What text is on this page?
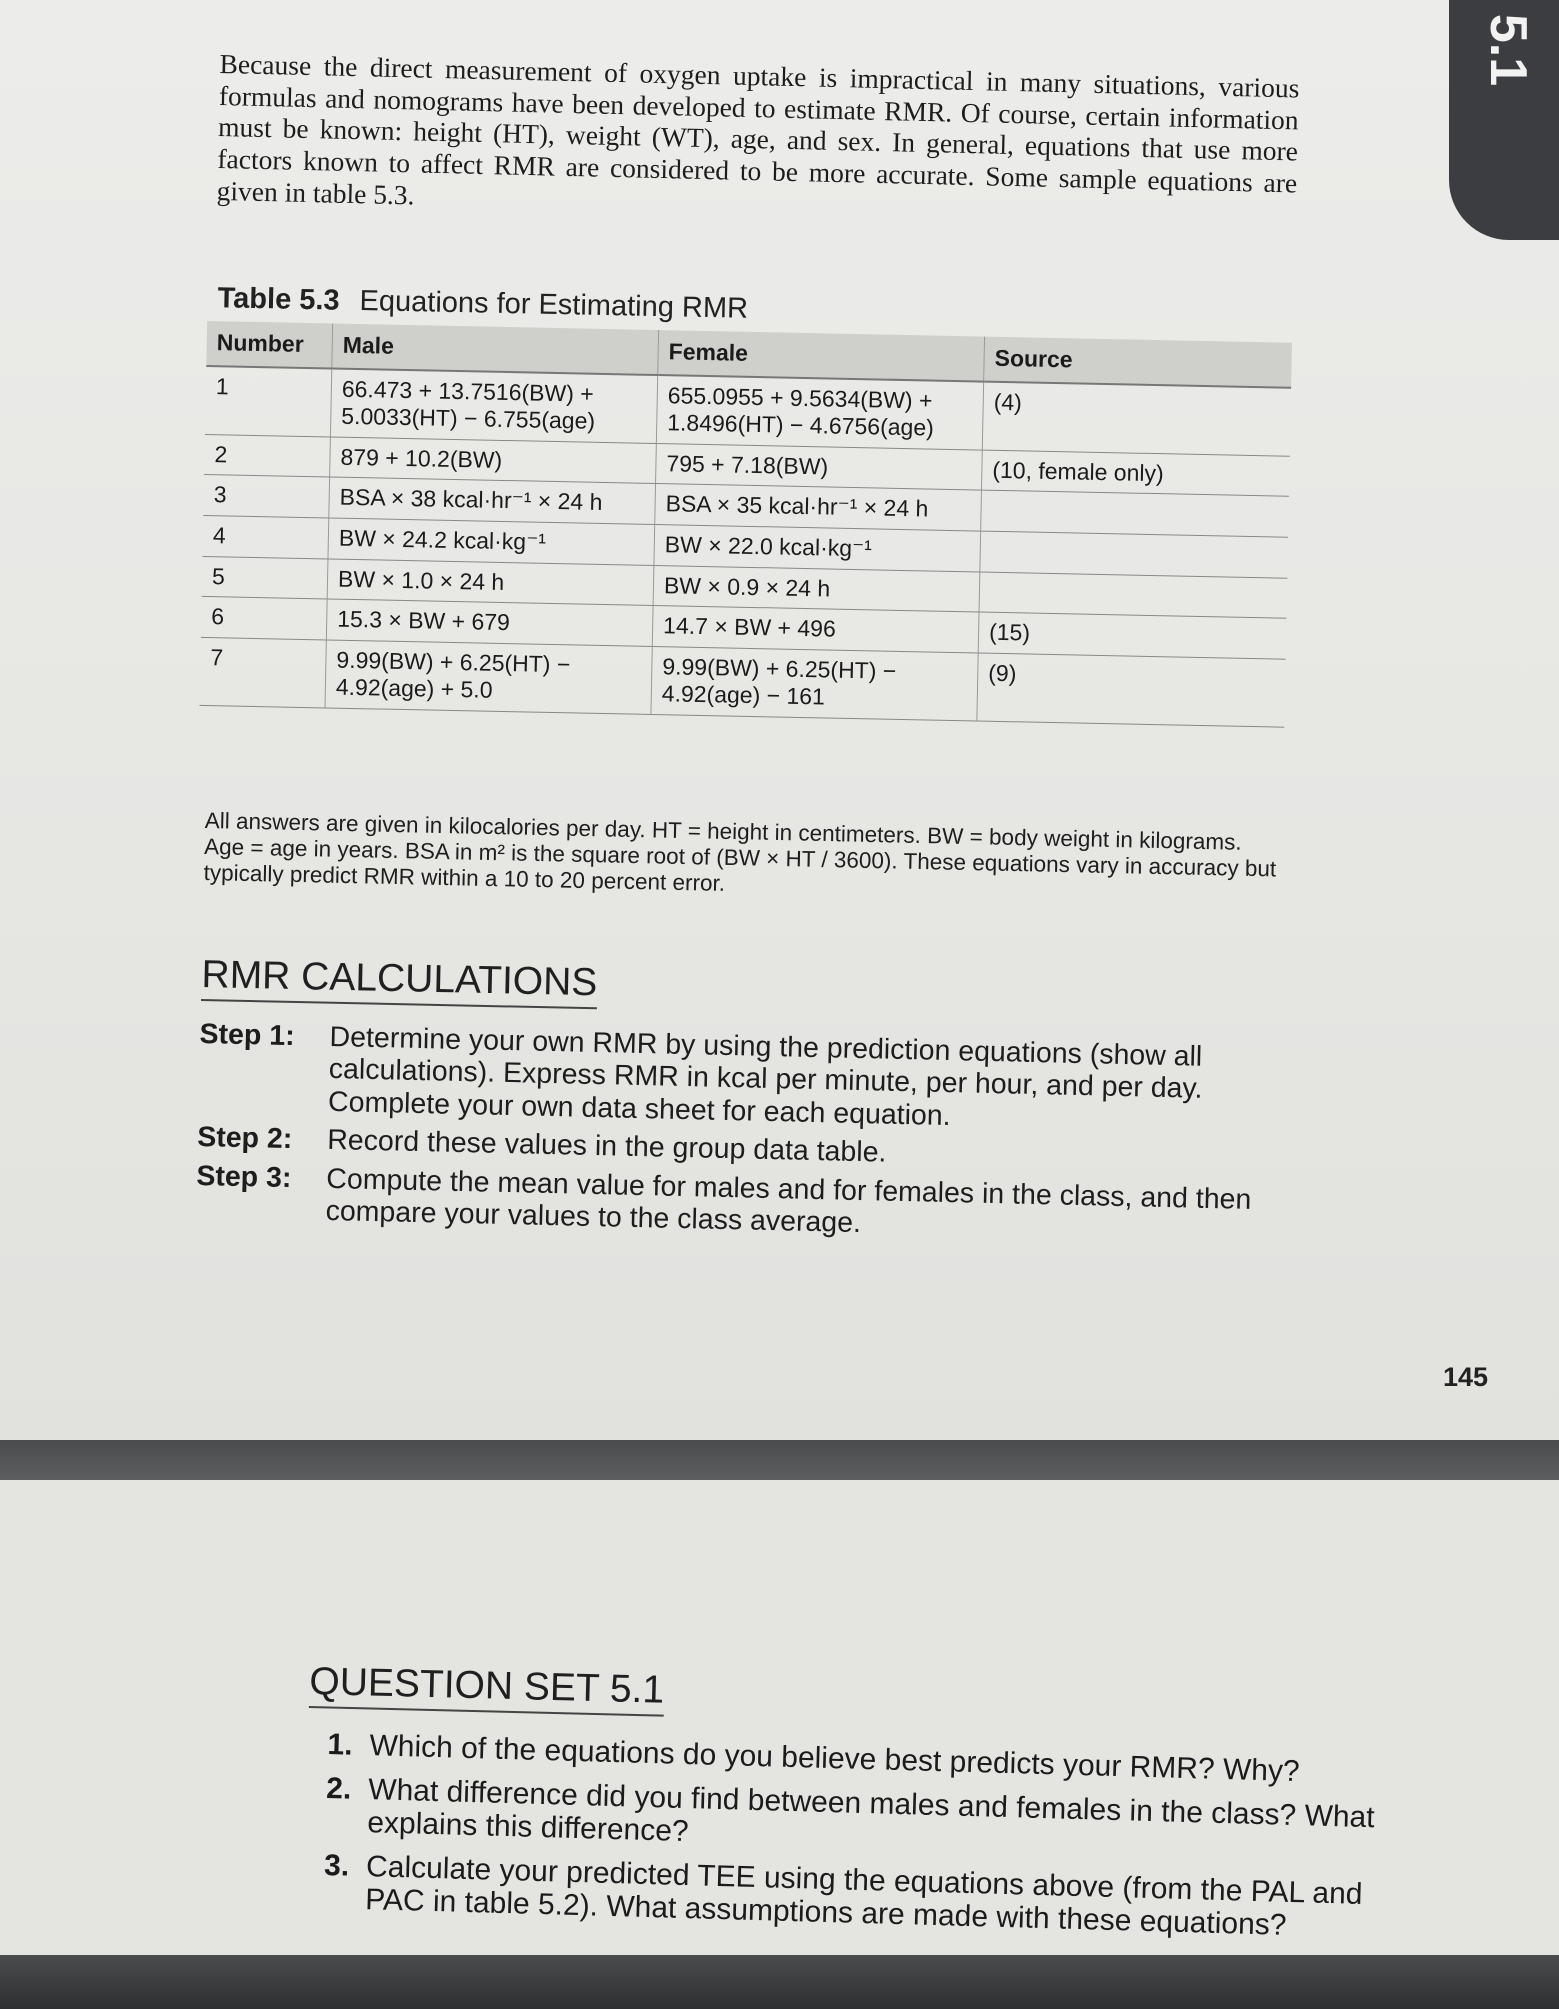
5.1
Because the direct measurement of oxygen uptake is impractical in many situations, various formulas and nomograms have been developed to estimate RMR. Of course, certain information must be known: height (HT), weight (WT), age, and sex. In general, equations that use more factors known to affect RMR are considered to be more accurate. Some sample equations are given in table 5.3.
Table 5.3 Equations for Estimating RMR
Number	Male	Female	Source
1	66.473 + 13.7516(BW) + 5.0033(HT) − 6.755(age)	655.0955 + 9.5634(BW) + 1.8496(HT) − 4.6756(age)	(4)
2	879 + 10.2(BW)	795 + 7.18(BW)	(10, female only)
3	BSA × 38 kcal·hr⁻¹ × 24 h	BSA × 35 kcal·hr⁻¹ × 24 h	
4	BW × 24.2 kcal·kg⁻¹	BW × 22.0 kcal·kg⁻¹	
5	BW × 1.0 × 24 h	BW × 0.9 × 24 h	
6	15.3 × BW + 679	14.7 × BW + 496	(15)
7	9.99(BW) + 6.25(HT) − 4.92(age) + 5.0	9.99(BW) + 6.25(HT) − 4.92(age) − 161	(9)
All answers are given in kilocalories per day. HT = height in centimeters. BW = body weight in kilograms. Age = age in years. BSA in m² is the square root of (BW × HT / 3600). These equations vary in accuracy but typically predict RMR within a 10 to 20 percent error.
RMR CALCULATIONS
Step 1:	Determine your own RMR by using the prediction equations (show all calculations). Express RMR in kcal per minute, per hour, and per day. Complete your own data sheet for each equation.
Step 2:	Record these values in the group data table.
Step 3:	Compute the mean value for males and for females in the class, and then compare your values to the class average.
145
QUESTION SET 5.1
1. Which of the equations do you believe best predicts your RMR? Why?
2. What difference did you find between males and females in the class? What explains this difference?
3. Calculate your predicted TEE using the equations above (from the PAL and PAC in table 5.2). What assumptions are made with these equations?
